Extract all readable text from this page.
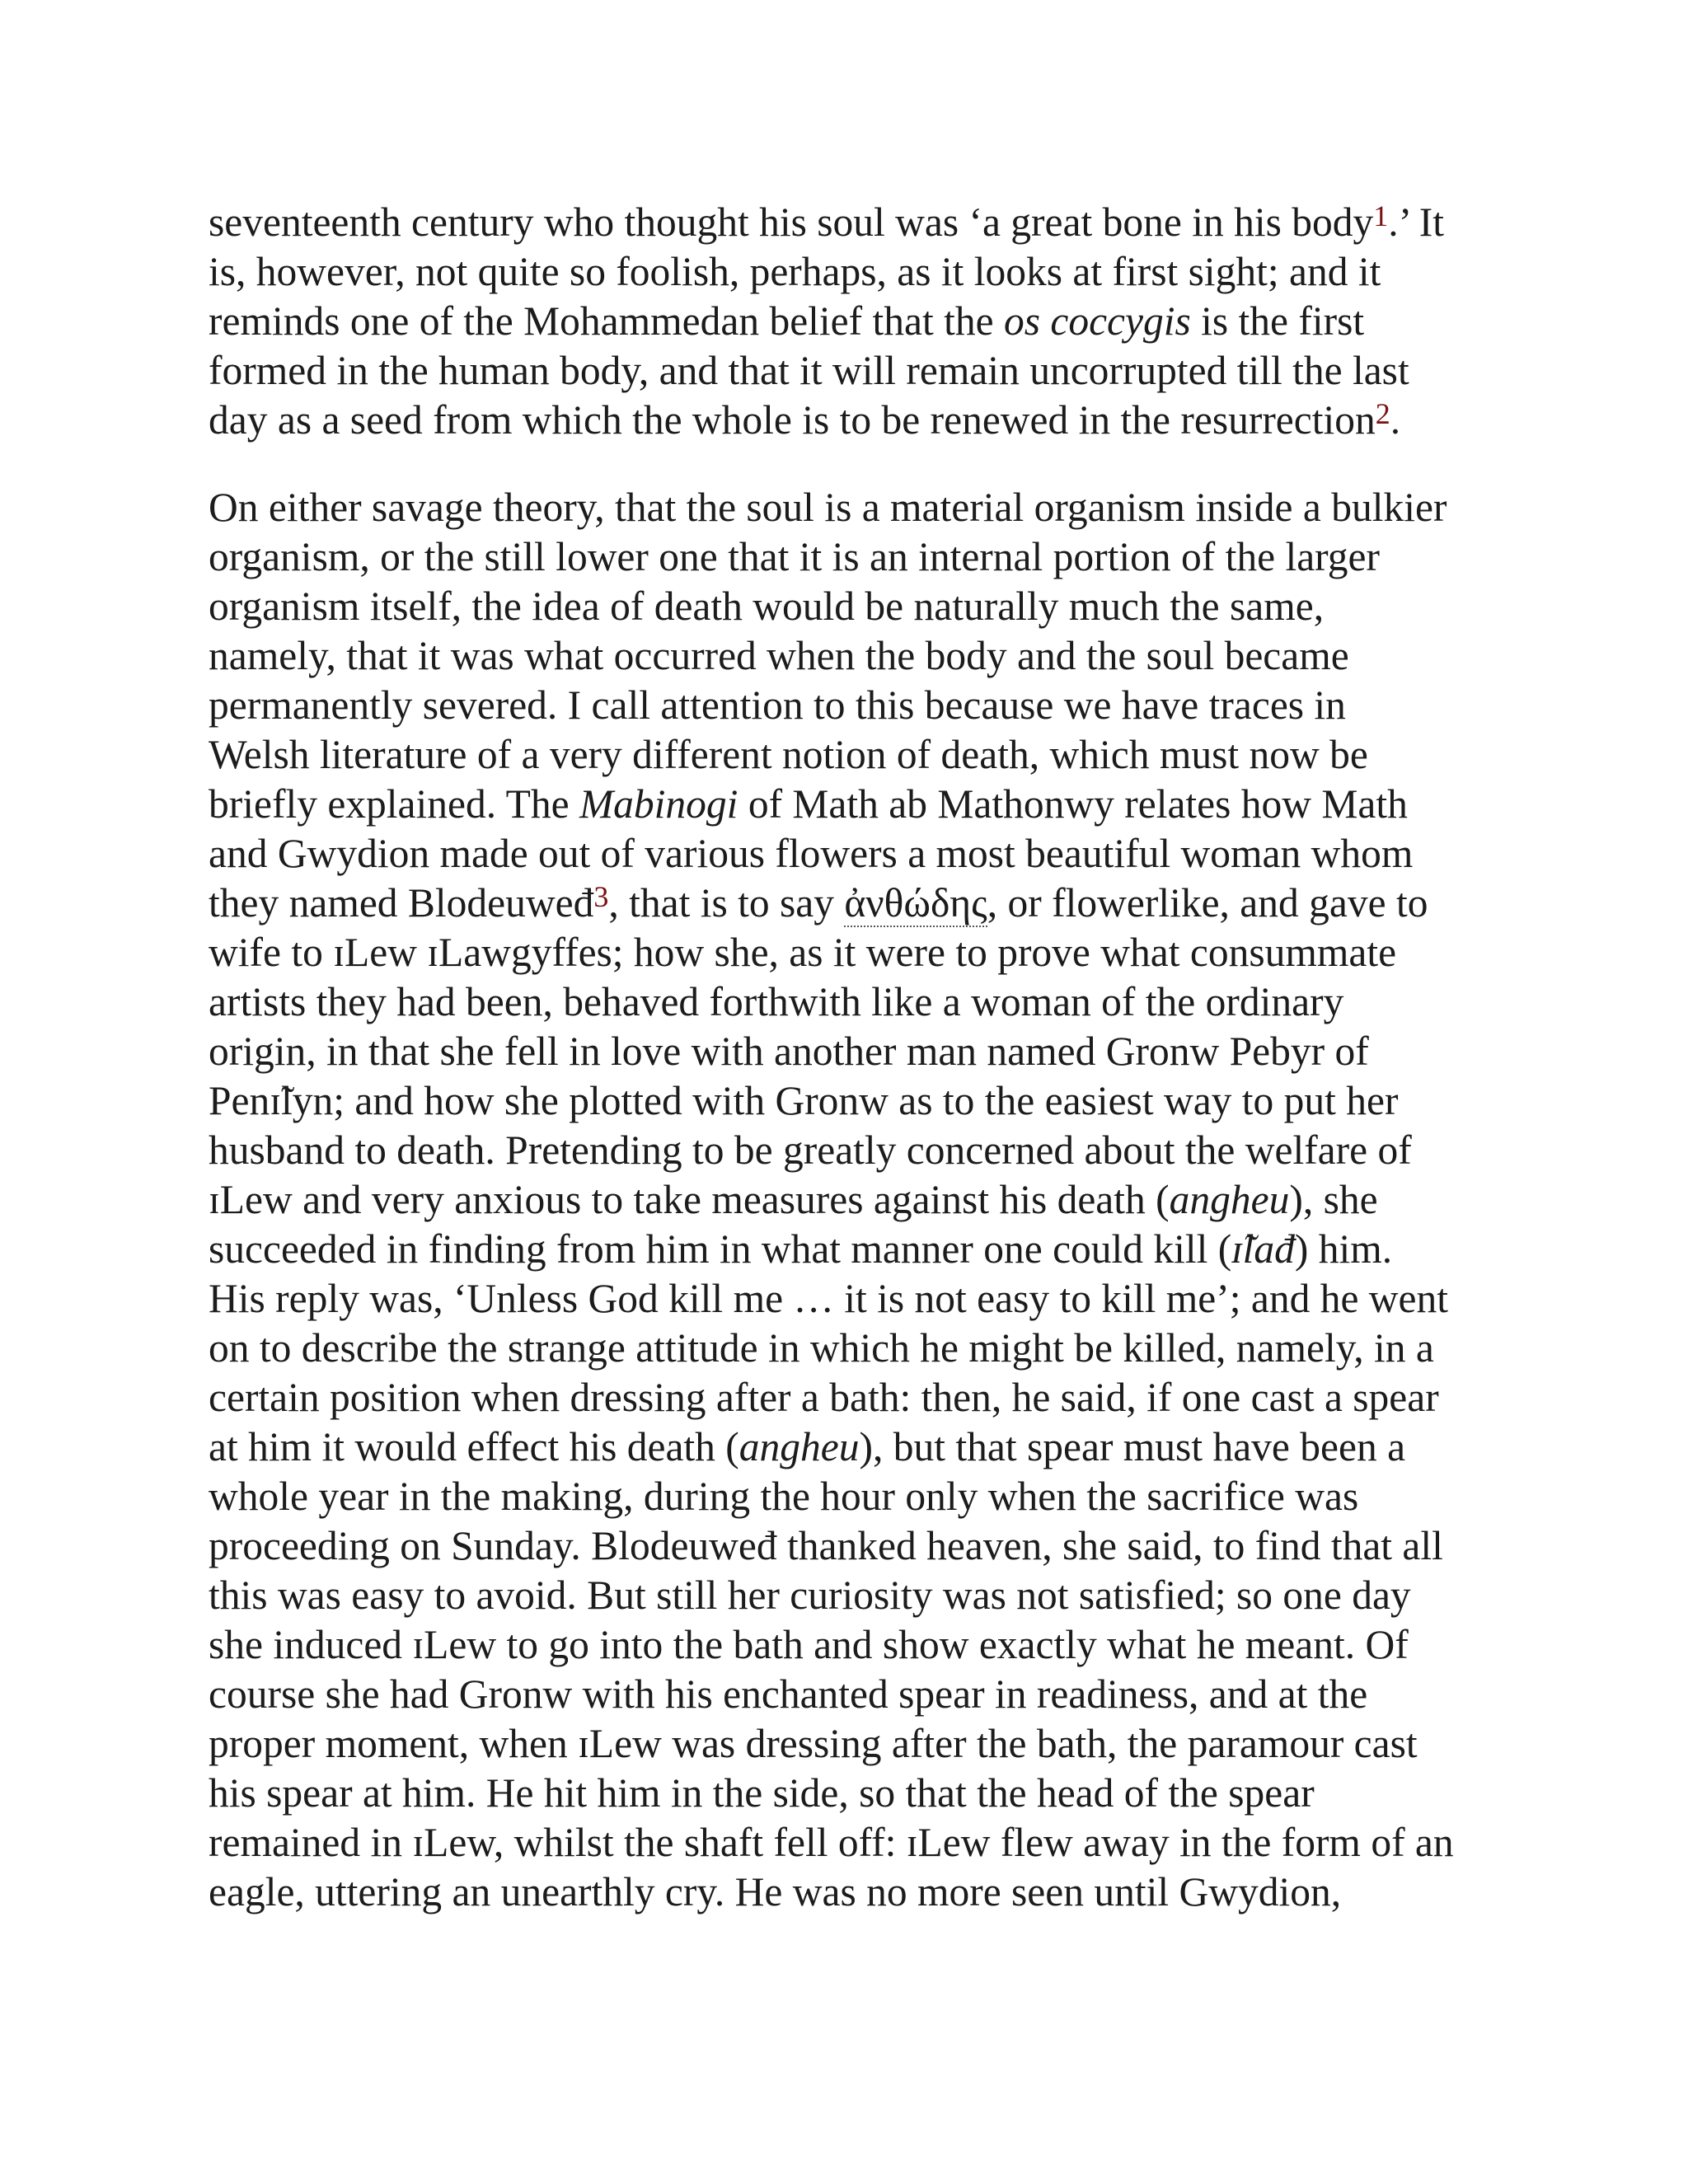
seventeenth century who thought his soul was ‘a great bone in his body$^1$.’ It
is, however, not quite so foolish, perhaps, as it looks at first sight; and it
reminds one of the Mohammedan belief that the os coccygis is the first
formed in the human body, and that it will remain uncorrupted till the last
day as a seed from which the whole is to be renewed in the resurrection$^2$.

On either savage theory, that the soul is a material organism inside a bulkier
organism, or the still lower one that it is an internal portion of the larger
organism itself, the idea of death would be naturally much the same,
namely, that it was what occurred when the body and the soul became
permanently severed. I call attention to this because we have traces in
Welsh literature of a very different notion of death, which must now be
briefly explained. The Mabinogi of Math ab Mathonwy relates how Math
and Gwydion made out of various flowers a most beautiful woman whom
they named Blodeuweđ$^3$, that is to say ἀνθώδης, or flowerlike, and gave to
wife to ɪLew ɪLawgyffes; how she, as it were to prove what consummate
artists they had been, behaved forthwith like a woman of the ordinary
origin, in that she fell in love with another man named Gronw Pebyr of
Penɪ̃lyn; and how she plotted with Gronw as to the easiest way to put her
husband to death. Pretending to be greatly concerned about the welfare of
ɪLew and very anxious to take measures against his death (angheu), she
succeeded in finding from him in what manner one could kill (ɪ̃lađ) him.
His reply was, ‘Unless God kill me … it is not easy to kill me’; and he went
on to describe the strange attitude in which he might be killed, namely, in a
certain position when dressing after a bath: then, he said, if one cast a spear
at him it would effect his death (angheu), but that spear must have been a
whole year in the making, during the hour only when the sacrifice was
proceeding on Sunday. Blodeuweđ thanked heaven, she said, to find that all
this was easy to avoid. But still her curiosity was not satisfied; so one day
she induced ɪLew to go into the bath and show exactly what he meant. Of
course she had Gronw with his enchanted spear in readiness, and at the
proper moment, when ɪLew was dressing after the bath, the paramour cast
his spear at him. He hit him in the side, so that the head of the spear
remained in ɪLew, whilst the shaft fell off: ɪLew flew away in the form of an
eagle, uttering an unearthly cry. He was no more seen until Gwydion,
